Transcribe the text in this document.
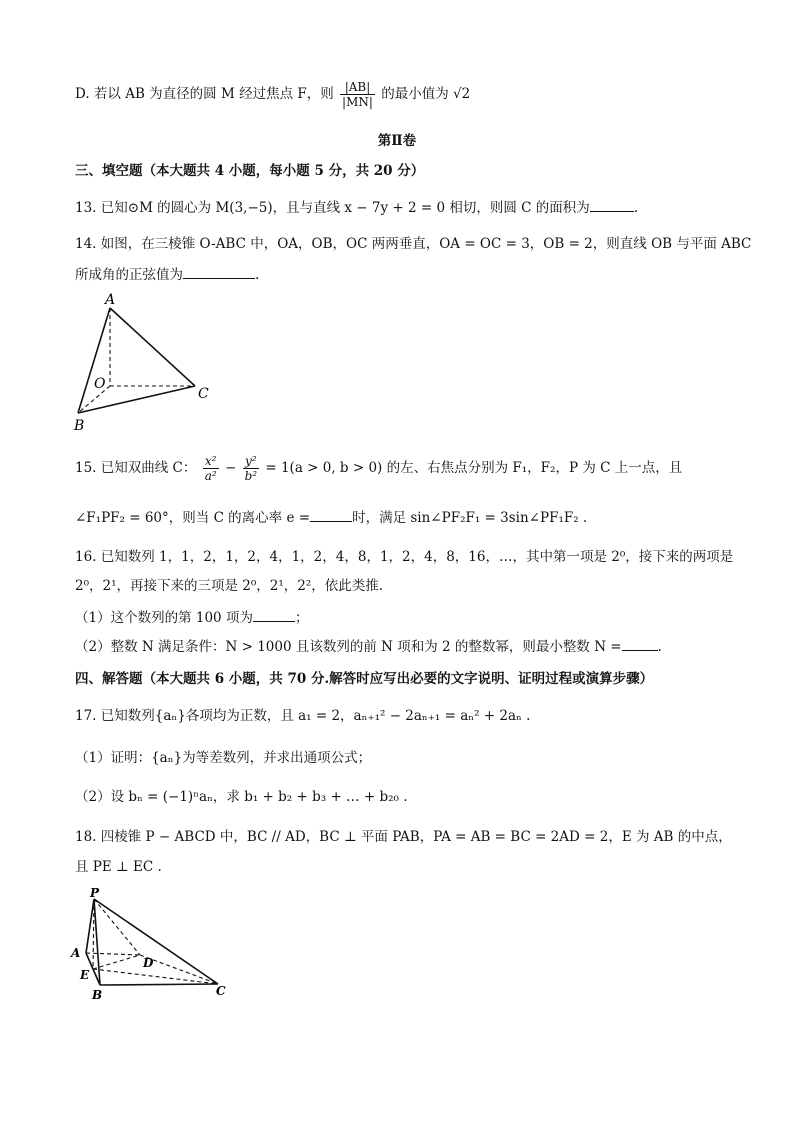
D. 若以 AB 为直径的圆 M 经过焦点 F，则 $\frac{|AB|}{|MN|}$ 的最小值为 √2
第Ⅱ卷
三、填空题（本大题共 4 小题，每小题 5 分，共 20 分）
13. 已知⊙M 的圆心为 M(3,−5)，且与直线 x − 7y + 2 = 0 相切，则圆 C 的面积为	.
14. 如图，在三棱锥 O-ABC 中，OA，OB，OC 两两垂直，OA = OC = 3，OB = 2，则直线 OB 与平面 ABC
所成角的正弦值为	.
A
O
C
B
15. 已知双曲线 C： $\frac{\text{x²}}{\text{a²}} - \frac{\text{y²}}{\text{b²}} = 1(a > 0$, b > 0) 的左、右焦点分别为 F₁，F₂，P 为 C 上一点，且
∠F₁PF₂ = 60°，则当 C 的离心率 e =	时，满足 sin∠PF₂F₁ = 3sin∠PF₁F₂ .
16. 已知数列 1，1，2，1，2，4，1，2，4，8，1，2，4，8，16，…，其中第一项是 2⁰，接下来的两项是
2⁰，2¹，再接下来的三项是 2⁰，2¹，2²，依此类推.
（1）这个数列的第 100 项为	；
（2）整数 N 满足条件：N > 1000 且该数列的前 N 项和为 2 的整数幂，则最小整数 N =	.
四、解答题（本大题共 6 小题，共 70 分.解答时应写出必要的文字说明、证明过程或演算步骤）
17. 已知数列{aₙ}各项均为正数，且 a₁ = 2，aₙ₊₁² − 2aₙ₊₁ = aₙ² + 2aₙ .
（1）证明：{aₙ}为等差数列，并求出通项公式；
（2）设 bₙ = (−1)ⁿaₙ，求 b₁ + b₂ + b₃ + … + b₂₀ .
18. 四棱锥 P − ABCD 中，BC // AD，BC ⊥ 平面 PAB，PA = AB = BC = 2AD = 2，E 为 AB 的中点，
且 PE ⊥ EC .
P
A
D
E
B	C
